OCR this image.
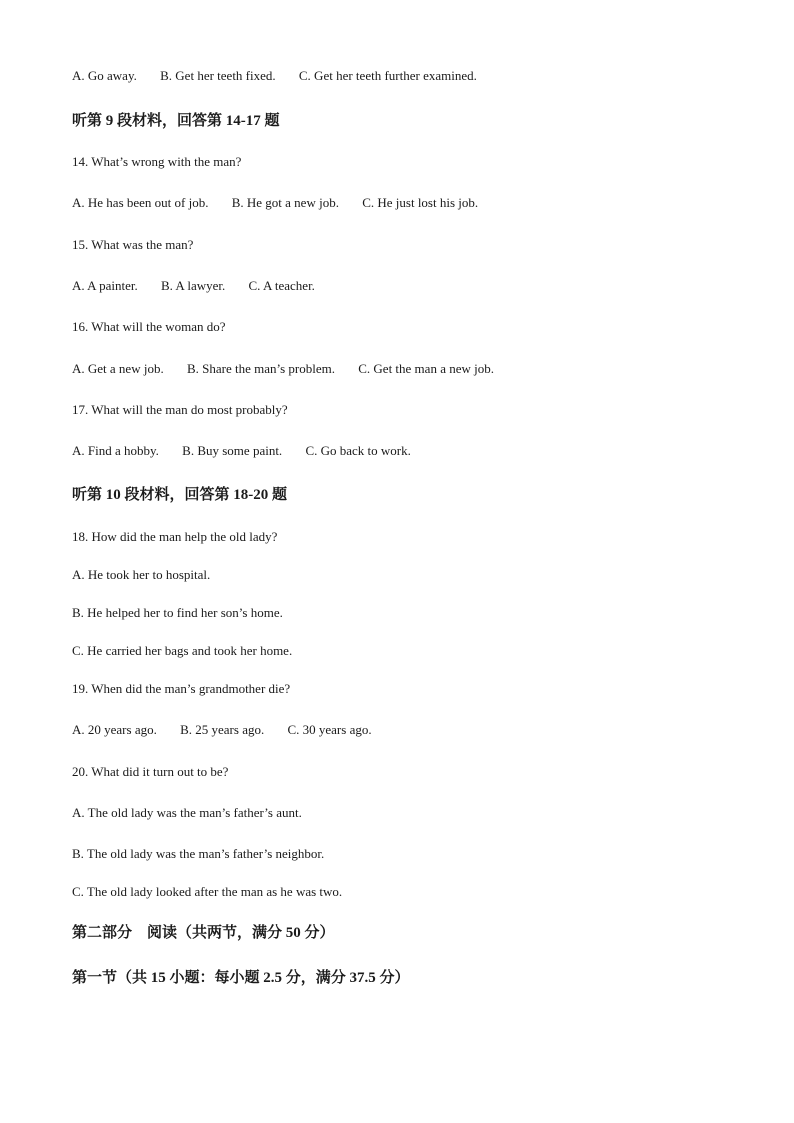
A. Go away. B. Get her teeth fixed. C. Get her teeth further examined.
听第 9 段材料，回答第 14-17 题
14. What’s wrong with the man?
A. He has been out of job. B. He got a new job. C. He just lost his job.
15. What was the man?
A. A painter. B. A lawyer. C. A teacher.
16. What will the woman do?
A. Get a new job. B. Share the man’s problem. C. Get the man a new job.
17. What will the man do most probably?
A. Find a hobby. B. Buy some paint. C. Go back to work.
听第 10 段材料，回答第 18-20 题
18. How did the man help the old lady?
A. He took her to hospital.
B. He helped her to find her son’s home.
C. He carried her bags and took her home.
19. When did the man’s grandmother die?
A. 20 years ago. B. 25 years ago. C. 30 years ago.
20. What did it turn out to be?
A. The old lady was the man’s father’s aunt.
B. The old lady was the man’s father’s neighbor.
C. The old lady looked after the man as he was two.
第二部分　阅读（共两节，满分 50 分）
第一节（共 15 小题：每小题 2.5 分，满分 37.5 分）
